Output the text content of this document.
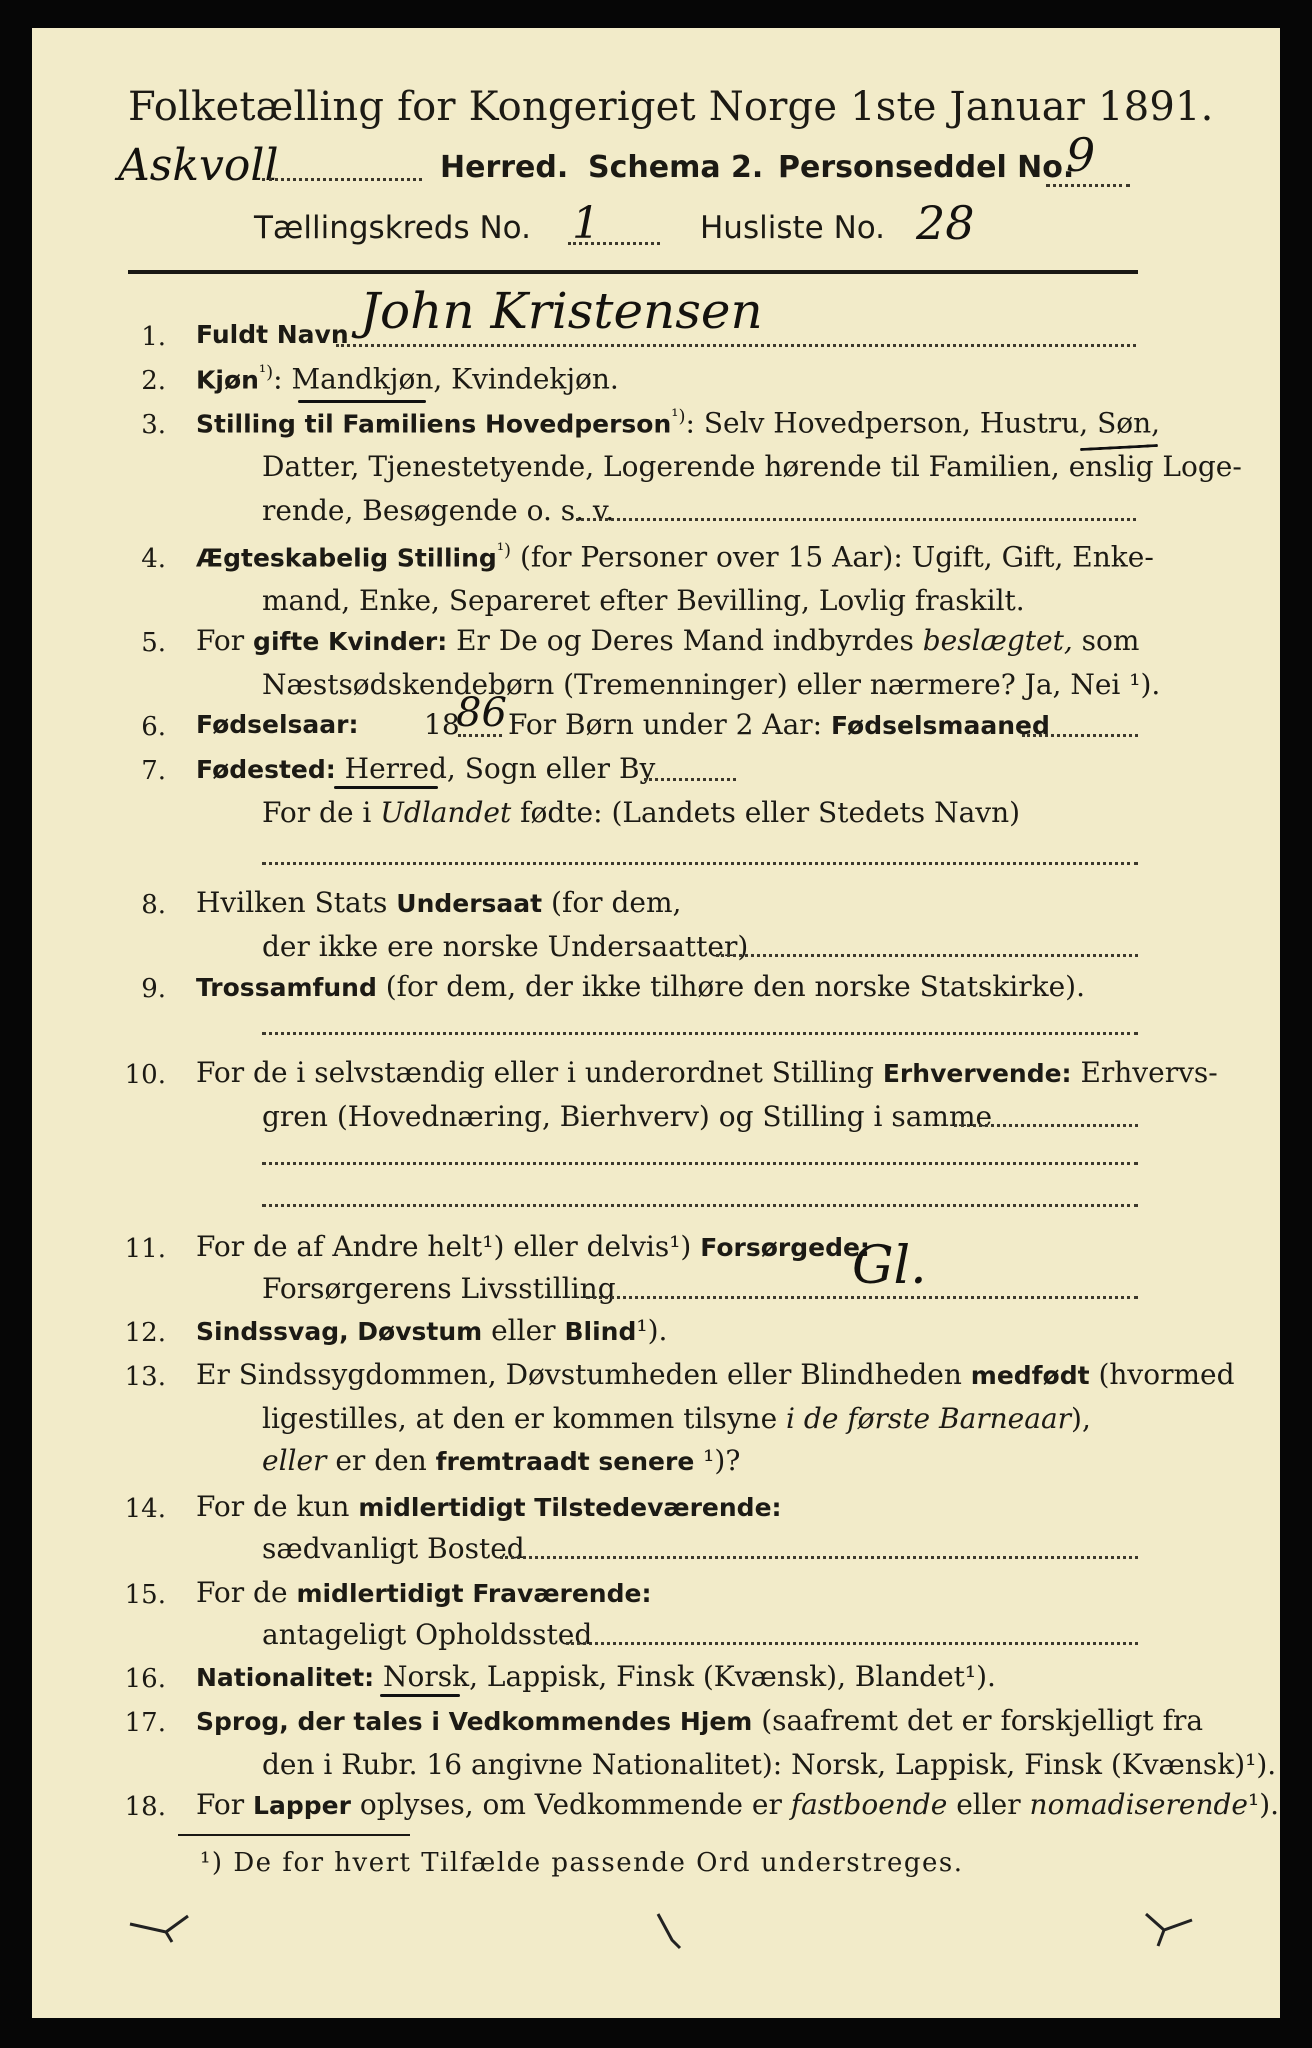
Folketælling for Kongeriget Norge 1ste Januar 1891.
Askvoll	Herred. Schema 2. Personseddel No.
9
Tællingskreds No. 1	Husliste No. 28
1. Fuldt Navn John Kristensen
2. Kjøn$^{^1)}$: Mandkjøn, Kvindekjøn.
3. Stilling til Familiens Hovedperson$^{^1)}$: Selv Hovedperson, Hustru, Søn,
Datter, Tjenestetyende, Logerende hørende til Familien, enslig Loge-
rende, Besøgende o. s. v.
4. Ægteskabelig Stilling$^{^1)}$ (for Personer over 15 Aar): Ugift, Gift, Enke-
mand, Enke, Separeret efter Bevilling, Lovlig fraskilt.
5. For gifte Kvinder: Er De og Deres Mand indbyrdes beslægtet, som
Næstsødskendebørn (Tremenninger) eller nærmere? Ja, Nei ¹).
6. Fødselsaar: 18
86 For Børn under 2 Aar: Fødselsmaaned
7. Fødested: Herred, Sogn eller By
For de i Udlandet fødte: (Landets eller Stedets Navn)
8. Hvilken Stats Undersaat (for dem,
der ikke ere norske Undersaatter)
9. Trossamfund (for dem, der ikke tilhøre den norske Statskirke).
10. For de i selvstændig eller i underordnet Stilling Erhvervende: Erhvervs-
gren (Hovednæring, Bierhverv) og Stilling i samme
11. For de af Andre helt¹) eller delvis¹) Forsørgede:
Forsørgerens Livsstilling	Gl.
12. Sindssvag, Døvstum eller Blind¹).
13. Er Sindssygdommen, Døvstumheden eller Blindheden medfødt (hvormed
ligestilles, at den er kommen tilsyne i de første Barneaar),
eller er den fremtraadt senere ¹)?
14. For de kun midlertidigt Tilstedeværende:
sædvanligt Bosted
15. For de midlertidigt Fraværende:
antageligt Opholdssted
16. Nationalitet: Norsk, Lappisk, Finsk (Kvænsk), Blandet¹).
17. Sprog, der tales i Vedkommendes Hjem (saafremt det er forskjelligt fra
den i Rubr. 16 angivne Nationalitet): Norsk, Lappisk, Finsk (Kvænsk)¹).
18. For Lapper oplyses, om Vedkommende er fastboende eller nomadiserende¹).
¹) De for hvert Tilfælde passende Ord understreges.
